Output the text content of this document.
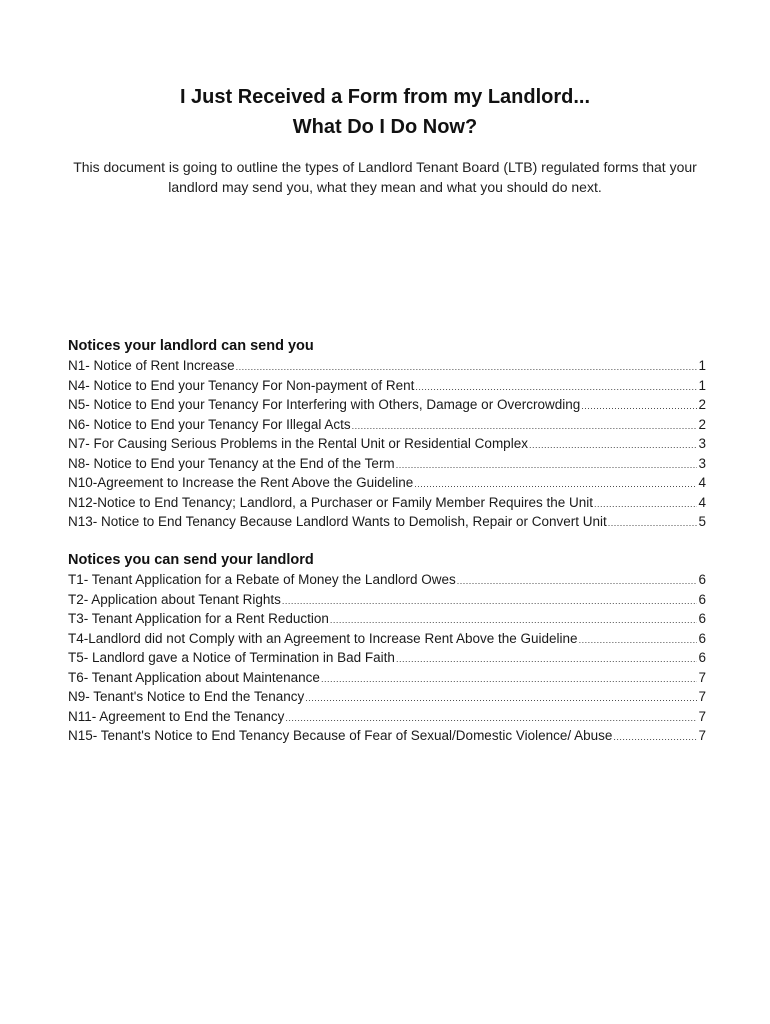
I Just Received a Form from my Landlord...
What Do I Do Now?
This document is going to outline the types of Landlord Tenant Board (LTB) regulated forms that your landlord may send you, what they mean and what you should do next.
Notices your landlord can send you
N1- Notice of Rent Increase .....	1
N4- Notice to End your Tenancy For Non-payment of Rent .....	1
N5- Notice to End your Tenancy For Interfering with Others, Damage or Overcrowding .....	2
N6- Notice to End your Tenancy For Illegal Acts .....	2
N7- For Causing Serious Problems in the Rental Unit or Residential Complex .....	3
N8- Notice to End your Tenancy at the End of the Term .....	3
N10-Agreement to Increase the Rent Above the Guideline .....	4
N12-Notice to End Tenancy; Landlord, a Purchaser or Family Member Requires the Unit .....	4
N13- Notice to End Tenancy Because Landlord Wants to Demolish, Repair or Convert Unit .....	5
Notices you can send your landlord
T1- Tenant Application for a Rebate of Money the Landlord Owes .....	6
T2- Application about Tenant Rights .....	6
T3- Tenant Application for a Rent Reduction .....	6
T4-Landlord did not Comply with an Agreement to Increase Rent Above the Guideline .....	6
T5- Landlord gave a Notice of Termination in Bad Faith .....	6
T6- Tenant Application about Maintenance .....	7
N9- Tenant's Notice to End the Tenancy .....	7
N11- Agreement to End the Tenancy .....	7
N15- Tenant's Notice to End Tenancy Because of Fear of Sexual/Domestic Violence/ Abuse .....	7
